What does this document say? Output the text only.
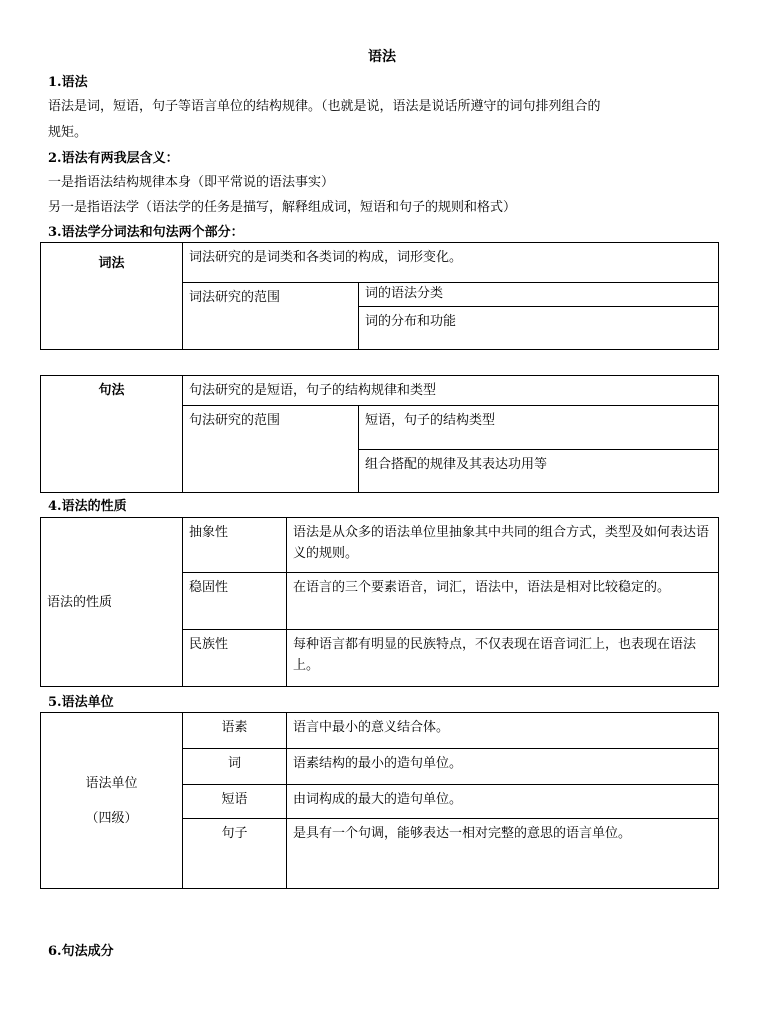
语法
1.语法
语法是词，短语，句子等语言单位的结构规律。（也就是说，语法是说话所遵守的词句排列组合的
规矩。
2.语法有两我层含义：
一是指语法结构规律本身（即平常说的语法事实）
另一是指语法学（语法学的任务是描写，解释组成词，短语和句子的规则和格式）
3.语法学分词法和句法两个部分：
词法	词法研究的是词类和各类词的构成，词形变化。	
	词法研究的范围	词的语法分类
		词的分布和功能
句法	句法研究的是短语，句子的结构规律和类型	
	句法研究的范围	短语，句子的结构类型
		组合搭配的规律及其表达功用等
4.语法的性质
语法的性质	抽象性	语法是从众多的语法单位里抽象其中共同的组合方式，类型及如何表达语义的规则。
	稳固性	在语言的三个要素语音，词汇，语法中，语法是相对比较稳定的。
	民族性	每种语言都有明显的民族特点，不仅表现在语音词汇上，也表现在语法上。
5.语法单位
语法单位
（四级）	语素	语言中最小的意义结合体。
	词	语素结构的最小的造句单位。
	短语	由词构成的最大的造句单位。
	句子	是具有一个句调，能够表达一相对完整的意思的语言单位。
6.句法成分
